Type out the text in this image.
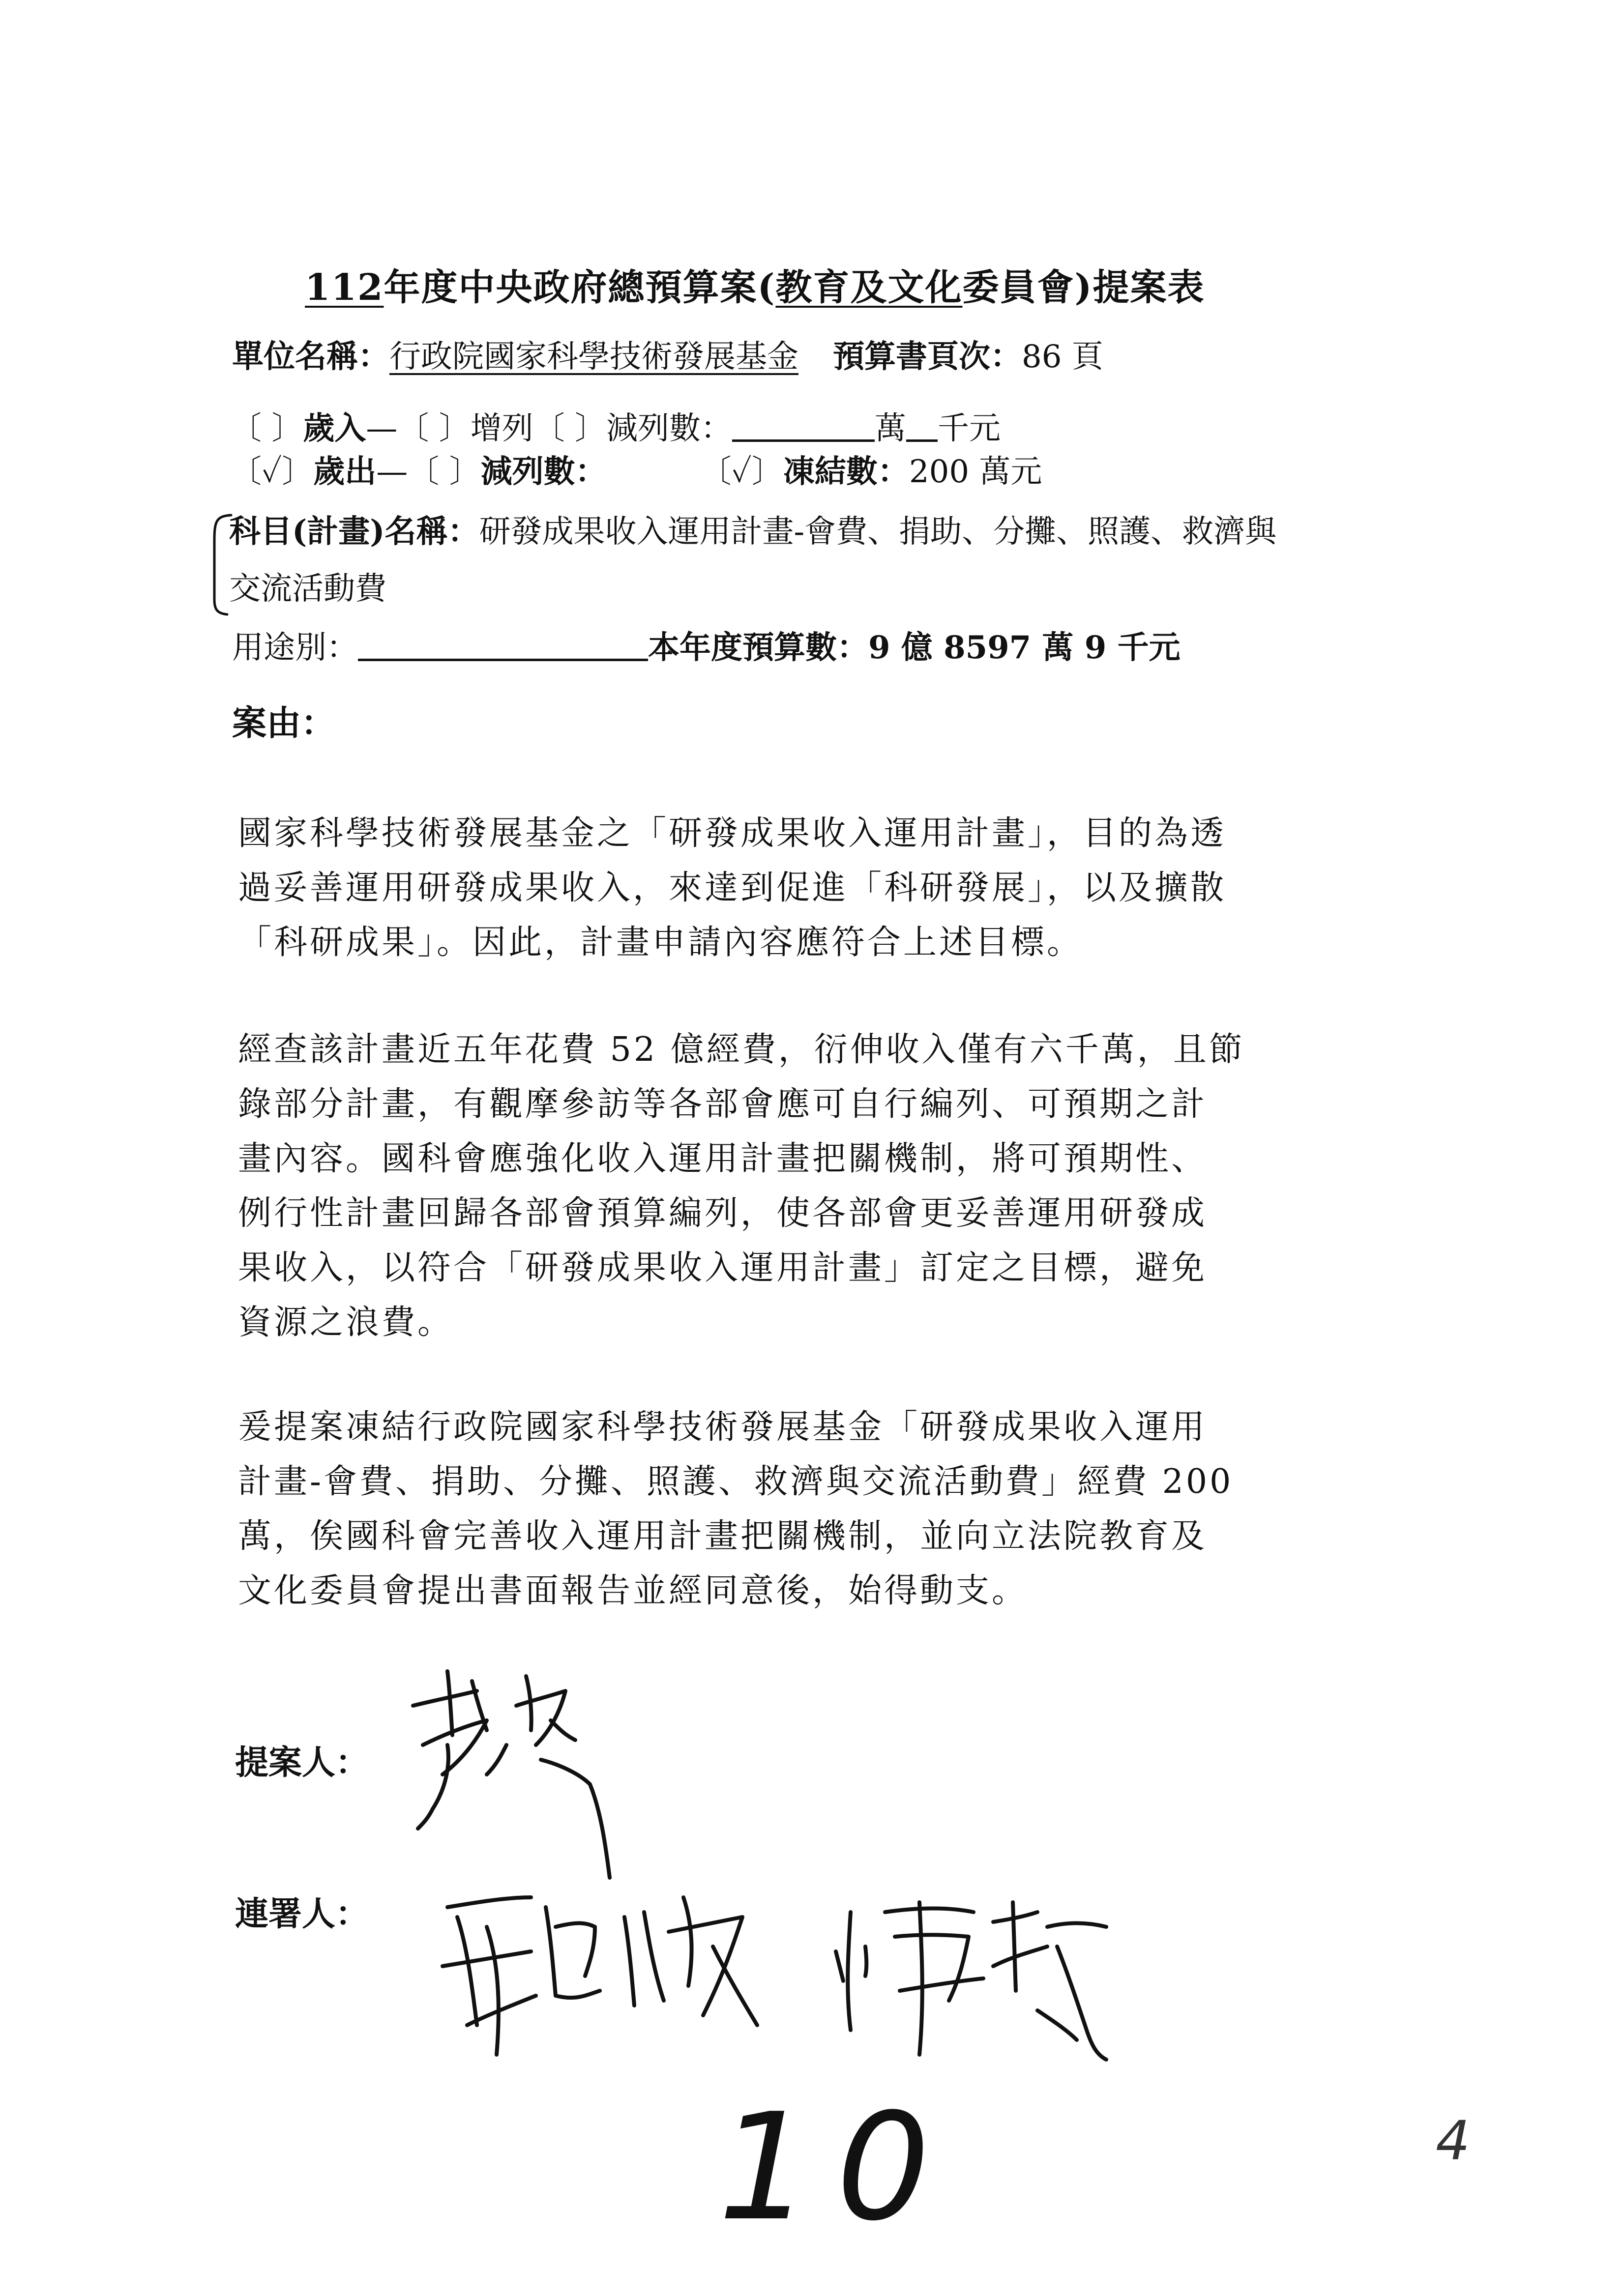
112年度中央政府總預算案(教育及文化委員會)提案表
單位名稱：行政院國家科學技術發展基金 預算書頁次：86 頁
〔 〕歲入—〔 〕增列〔 〕減列數：	萬 千元
〔✓〕歲出—〔 〕減列數：	〔✓〕凍結數：200 萬元
科目(計畫)名稱：研發成果收入運用計畫-會費、捐助、分攤、照護、救濟與
交流活動費
用途別：	本年度預算數：9 億 8597 萬 9 千元
案由：

國家科學技術發展基金之「研發成果收入運用計畫」，目的為透

過妥善運用研發成果收入，來達到促進「科研發展」，以及擴散

「科研成果」。因此，計畫申請內容應符合上述目標。

經查該計畫近五年花費 52 億經費，衍伸收入僅有六千萬，且節

錄部分計畫，有觀摩參訪等各部會應可自行編列、可預期之計

畫內容。國科會應強化收入運用計畫把關機制，將可預期性、

例行性計畫回歸各部會預算編列，使各部會更妥善運用研發成

果收入，以符合「研發成果收入運用計畫」訂定之目標，避免

資源之浪費。

爰提案凍結行政院國家科學技術發展基金「研發成果收入運用

計畫-會費、捐助、分攤、照護、救濟與交流活動費」經費 200

萬，俟國科會完善收入運用計畫把關機制，並向立法院教育及

文化委員會提出書面報告並經同意後，始得動支。

提案人：
連署人：
10	4
